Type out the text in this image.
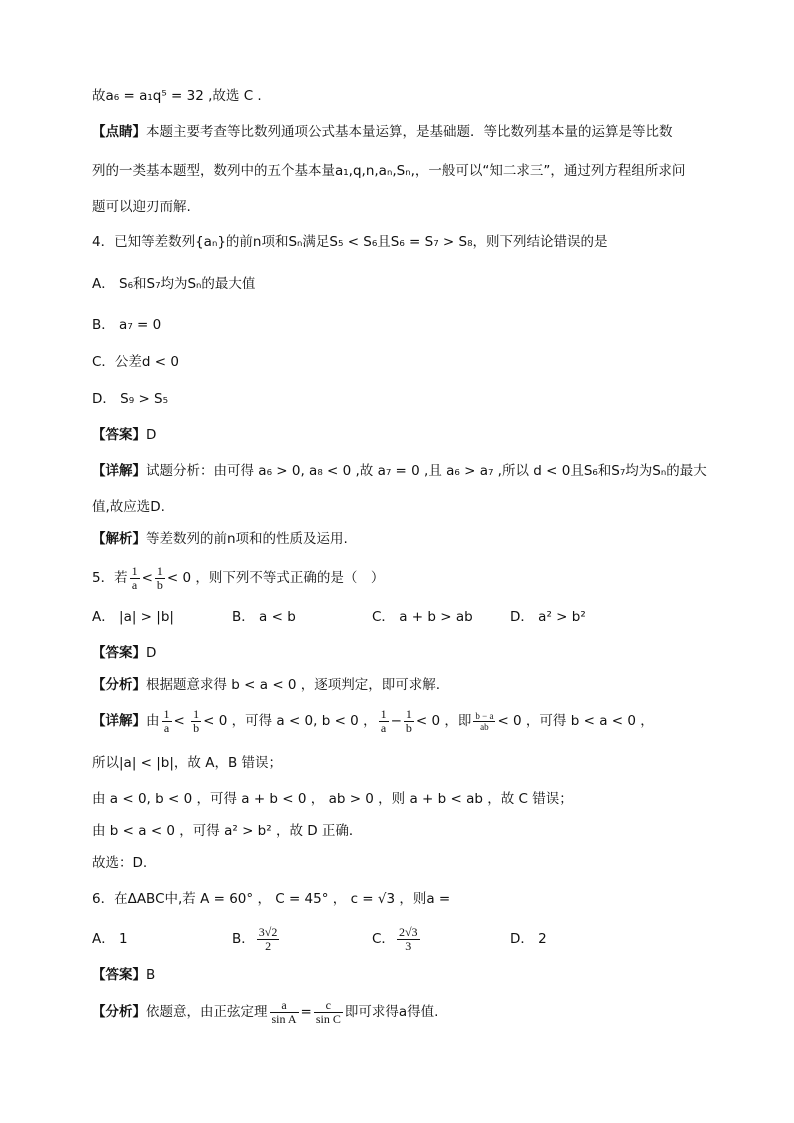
故a₆ = a₁q⁵ = 32 ,故选 C .
【点睛】本题主要考查等比数列通项公式基本量运算，是基础题．等比数列基本量的运算是等比数
列的一类基本题型，数列中的五个基本量a₁,q,n,aₙ,Sₙ,，一般可以“知二求三”，通过列方程组所求问
题可以迎刃而解.
4．已知等差数列{aₙ}的前n项和Sₙ满足S₅ < S₆且S₆ = S₇ > S₈，则下列结论错误的是
A． S₆和S₇均为Sₙ的最大值
B． a₇ = 0
C．公差d < 0
D． S₉ > S₅
【答案】D
【详解】试题分析：由可得 a₆ > 0, a₈ < 0 ,故 a₇ = 0 ,且 a₆ > a₇ ,所以 d < 0且S₆和S₇均为Sₙ的最大
值,故应选D.
【解析】等差数列的前n项和的性质及运用.
5．若 $\frac{1}{a} < \frac{1}{b} < 0$ ，则下列不等式正确的是（　）
A． |a| > |b|	B． a < b	C． a + b > ab	D． a² > b²
【答案】D
【分析】根据题意求得 b < a < 0 ，逐项判定，即可求解.
【详解】由 $\frac{1}{a} < \frac{1}{b} < 0$ ，可得 a < 0, b < 0 ， $\frac{1}{a} - \frac{1}{b} < 0$ ，即 $\frac{b - a}{ab} < 0$ ，可得 b < a < 0 ，
所以|a| < |b|，故 A，B 错误；
由 a < 0, b < 0 ，可得 a + b < 0 ， ab > 0 ，则 a + b < ab ，故 C 错误；
由 b < a < 0 ，可得 a² > b² ，故 D 正确．
故选：D.
6．在ΔABC中,若 A = 60° ， C = 45° ， c = √3 ，则a =
A． 1	B． $\frac{3√2}{2}$	C． $\frac{2√3}{3}$	D． 2
【答案】B
【分析】依题意，由正弦定理 $\frac{a}{\text{sin A}} = \frac{c}{\text{sin C}}$ 即可求得a得值.
